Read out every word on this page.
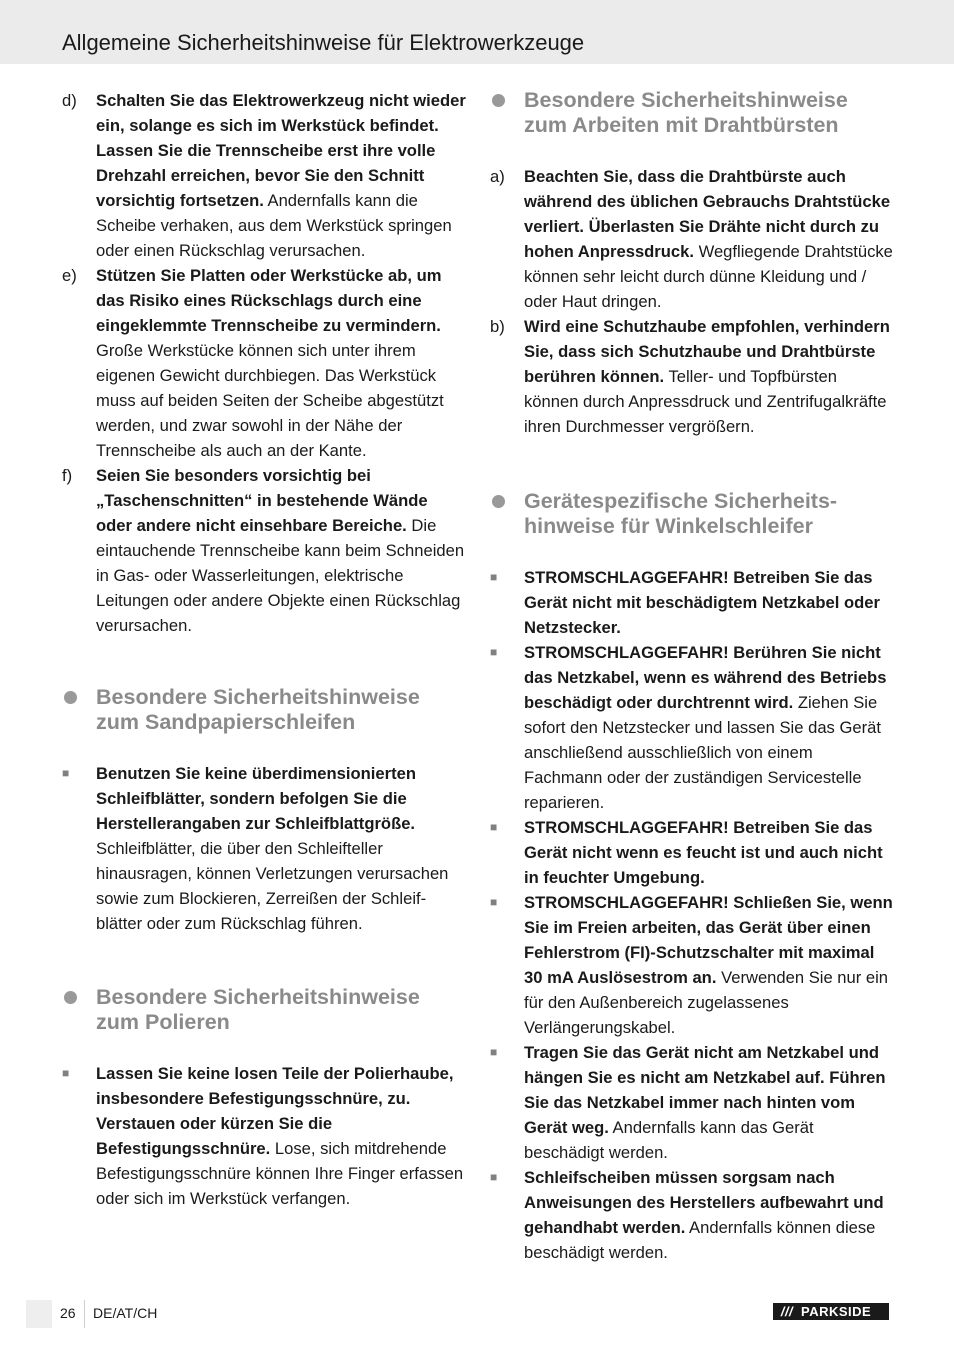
Allgemeine Sicherheitshinweise für Elektrowerkzeuge
d)	Schalten Sie das Elektrowerkzeug nicht wieder ein, solange es sich im Werkstück befindet. Lassen Sie die Trennscheibe erst ihre volle Drehzahl erreichen, bevor Sie den Schnitt vorsichtig fortsetzen. Andernfalls kann die Scheibe verhaken, aus dem Werkstück springen oder einen Rückschlag verursachen.
e)	Stützen Sie Platten oder Werkstücke ab, um das Risiko eines Rückschlags durch eine eingeklemmte Trennscheibe zu vermindern. Große Werkstücke können sich unter ihrem eigenen Gewicht durchbiegen. Das Werkstück muss auf beiden Seiten der Scheibe abgestützt werden, und zwar sowohl in der Nähe der Trennscheibe als auch an der Kante.
f)	Seien Sie besonders vorsichtig bei „Taschenschnitten“ in bestehende Wände oder andere nicht einsehbare Bereiche. Die eintauchende Trennscheibe kann beim Schneiden in Gas- oder Wasserleitungen, elektrische Leitungen oder andere Objekte einen Rückschlag verursachen.
Besondere Sicherheitshinweise zum Sandpapierschleifen
■	Benutzen Sie keine überdimensionierten Schleifblätter, sondern befolgen Sie die Herstellerangaben zur Schleifblattgröße. Schleifblätter, die über den Schleifteller hinausragen, können Verletzungen verursachen sowie zum Blockieren, Zerreißen der Schleifblätter oder zum Rückschlag führen.
Besondere Sicherheitshinweise zum Polieren
■	Lassen Sie keine losen Teile der Polierhaube, insbesondere Befestigungsschnüre, zu. Verstauen oder kürzen Sie die Befestigungsschnüre. Lose, sich mitdrehende Befestigungsschnüre können Ihre Finger erfassen oder sich im Werkstück verfangen.
Besondere Sicherheitshinweise zum Arbeiten mit Drahtbürsten
a)	Beachten Sie, dass die Drahtbürste auch während des üblichen Gebrauchs Drahtstücke verliert. Überlasten Sie Drähte nicht durch zu hohen Anpressdruck. Wegfliegende Drahtstücke können sehr leicht durch dünne Kleidung und / oder Haut dringen.
b)	Wird eine Schutzhaube empfohlen, verhindern Sie, dass sich Schutzhaube und Drahtbürste berühren können. Teller- und Topfbürsten können durch Anpressdruck und Zentrifugalkräfte ihren Durchmesser vergrößern.
Gerätespezifische Sicherheitshinweise für Winkelschleifer
■	STROMSCHLAGGEFAHR! Betreiben Sie das Gerät nicht mit beschädigtem Netzkabel oder Netzstecker.
■	STROMSCHLAGGEFAHR! Berühren Sie nicht das Netzkabel, wenn es während des Betriebs beschädigt oder durchtrennt wird. Ziehen Sie sofort den Netzstecker und lassen Sie das Gerät anschließend ausschließlich von einem Fachmann oder der zuständigen Servicestelle reparieren.
■	STROMSCHLAGGEFAHR! Betreiben Sie das Gerät nicht wenn es feucht ist und auch nicht in feuchter Umgebung.
■	STROMSCHLAGGEFAHR! Schließen Sie, wenn Sie im Freien arbeiten, das Gerät über einen Fehlerstrom (FI)-Schutzschalter mit maximal 30 mA Auslösestrom an. Verwenden Sie nur ein für den Außenbereich zugelassenes Verlängerungskabel.
■	Tragen Sie das Gerät nicht am Netzkabel und hängen Sie es nicht am Netzkabel auf. Führen Sie das Netzkabel immer nach hinten vom Gerät weg. Andernfalls kann das Gerät beschädigt werden.
■	Schleifscheiben müssen sorgsam nach Anweisungen des Herstellers aufbewahrt und gehandhabt werden. Andernfalls können diese beschädigt werden.
26 DE/AT/CH	/// PARKSIDE
